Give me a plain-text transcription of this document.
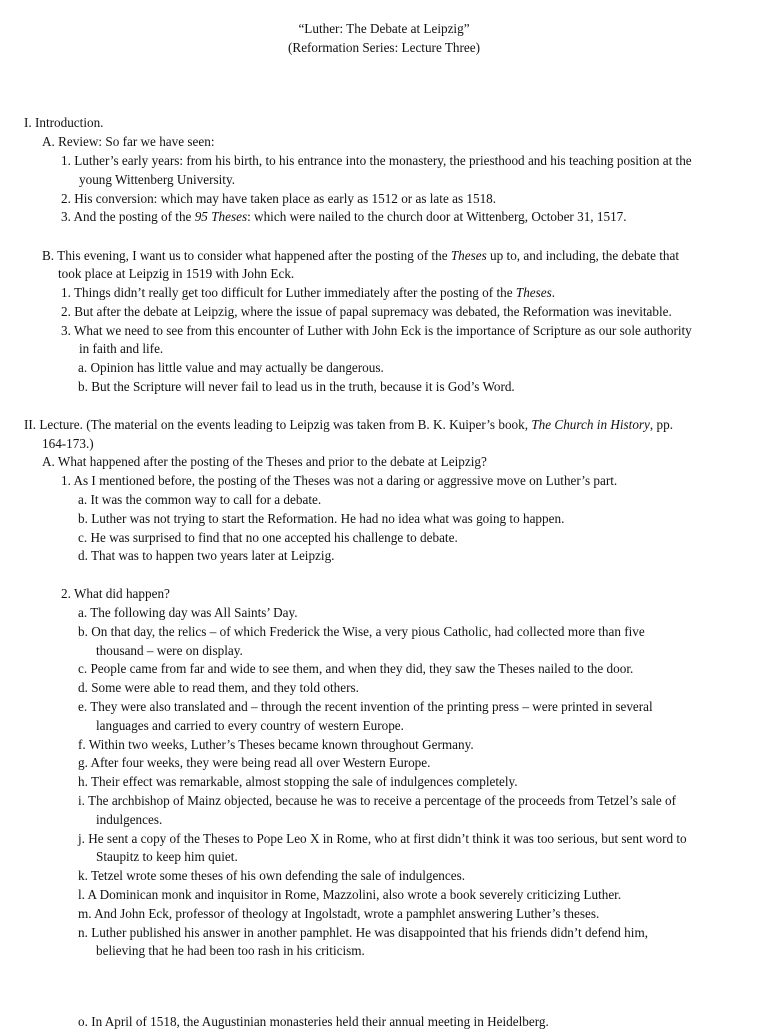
“Luther: The Debate at Leipzig”
(Reformation Series: Lecture Three)
I. Introduction.
A. Review: So far we have seen:
1. Luther’s early years: from his birth, to his entrance into the monastery, the priesthood and his teaching position at the
young Wittenberg University.
2. His conversion: which may have taken place as early as 1512 or as late as 1518.
3. And the posting of the 95 Theses: which were nailed to the church door at Wittenberg, October 31, 1517.
B. This evening, I want us to consider what happened after the posting of the Theses up to, and including, the debate that
took place at Leipzig in 1519 with John Eck.
1. Things didn’t really get too difficult for Luther immediately after the posting of the Theses.
2. But after the debate at Leipzig, where the issue of papal supremacy was debated, the Reformation was inevitable.
3. What we need to see from this encounter of Luther with John Eck is the importance of Scripture as our sole authority
in faith and life.
a. Opinion has little value and may actually be dangerous.
b. But the Scripture will never fail to lead us in the truth, because it is God’s Word.
II. Lecture. (The material on the events leading to Leipzig was taken from B. K. Kuiper’s book, The Church in History, pp.
164-173.)
A. What happened after the posting of the Theses and prior to the debate at Leipzig?
1. As I mentioned before, the posting of the Theses was not a daring or aggressive move on Luther’s part.
a. It was the common way to call for a debate.
b. Luther was not trying to start the Reformation. He had no idea what was going to happen.
c. He was surprised to find that no one accepted his challenge to debate.
d. That was to happen two years later at Leipzig.
2. What did happen?
a. The following day was All Saints’ Day.
b. On that day, the relics – of which Frederick the Wise, a very pious Catholic, had collected more than five
thousand – were on display.
c. People came from far and wide to see them, and when they did, they saw the Theses nailed to the door.
d. Some were able to read them, and they told others.
e. They were also translated and – through the recent invention of the printing press – were printed in several
languages and carried to every country of western Europe.
f. Within two weeks, Luther’s Theses became known throughout Germany.
g. After four weeks, they were being read all over Western Europe.
h. Their effect was remarkable, almost stopping the sale of indulgences completely.
i. The archbishop of Mainz objected, because he was to receive a percentage of the proceeds from Tetzel’s sale of
indulgences.
j. He sent a copy of the Theses to Pope Leo X in Rome, who at first didn’t think it was too serious, but sent word to
Staupitz to keep him quiet.
k. Tetzel wrote some theses of his own defending the sale of indulgences.
l. A Dominican monk and inquisitor in Rome, Mazzolini, also wrote a book severely criticizing Luther.
m. And John Eck, professor of theology at Ingolstadt, wrote a pamphlet answering Luther’s theses.
n. Luther published his answer in another pamphlet. He was disappointed that his friends didn’t defend him,
believing that he had been too rash in his criticism.
o. In April of 1518, the Augustinian monasteries held their annual meeting in Heidelberg.
